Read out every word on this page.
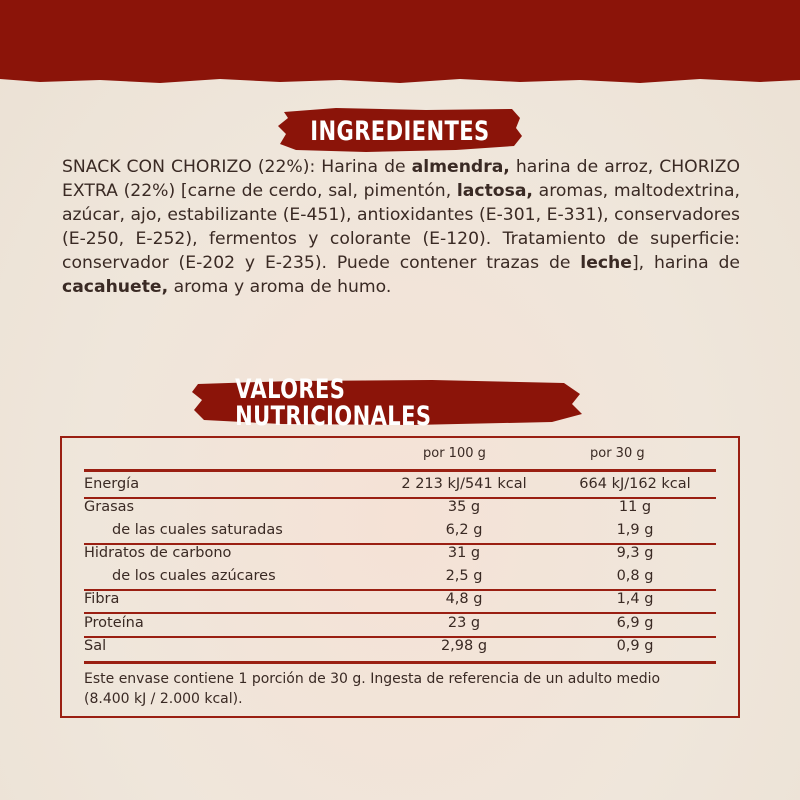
INGREDIENTES
SNACK CON CHORIZO (22%): Harina de almendra, harina de arroz, CHORIZO EXTRA (22%) [carne de cerdo, sal, pimentón, lactosa, aromas, maltodextrina, azúcar, ajo, estabilizante (E-451), antioxidantes (E-301, E-331), conservadores (E-250, E-252), fermentos y colorante (E-120). Tratamiento de superficie: conservador (E-202 y E-235). Puede contener trazas de leche], harina de cacahuete, aroma y aroma de humo.
VALORES NUTRICIONALES
por 100 g	por 30 g
Energía	2 213 kJ/541 kcal	664 kJ/162 kcal
Grasas	35 g	11 g
de las cuales saturadas	6,2 g	1,9 g
Hidratos de carbono	31 g	9,3 g
de los cuales azúcares	2,5 g	0,8 g
Fibra	4,8 g	1,4 g
Proteína	23 g	6,9 g
Sal	2,98 g	0,9 g
Este envase contiene 1 porción de 30 g. Ingesta de referencia de un adulto medio (8.400 kJ / 2.000 kcal).
